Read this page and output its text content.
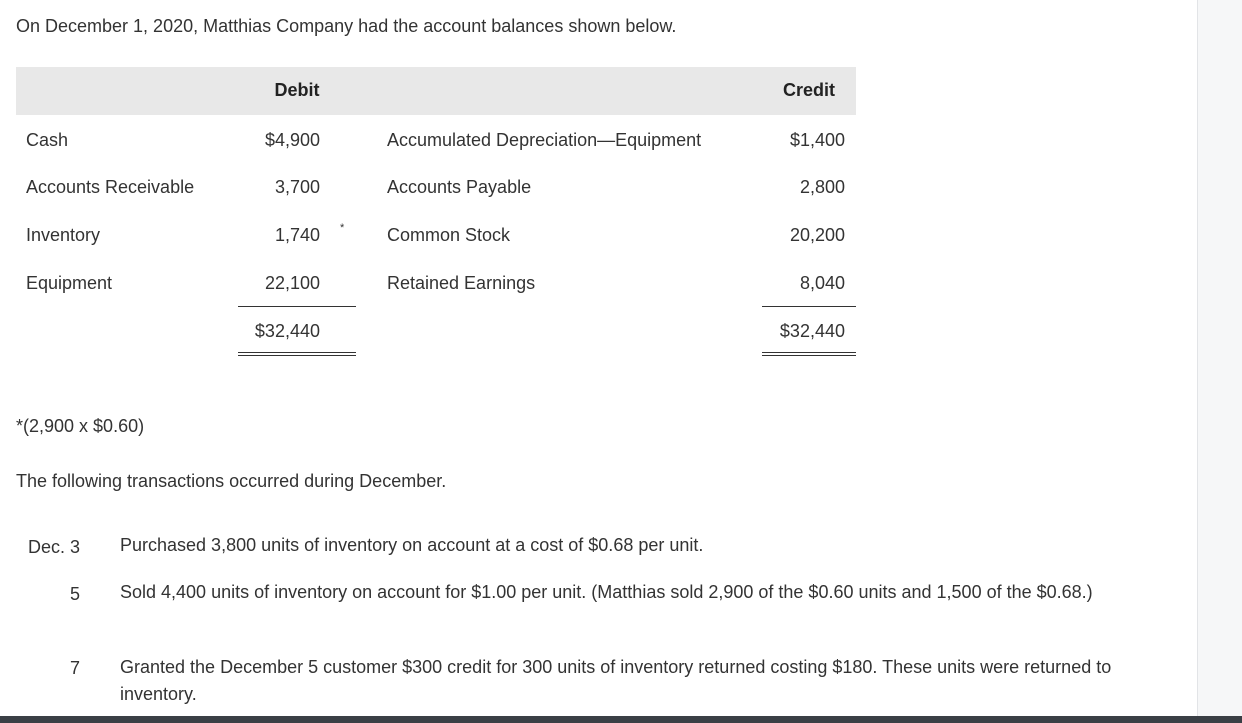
On December 1, 2020, Matthias Company had the account balances shown below.
Debit	Credit
Cash	$4,900	Accumulated Depreciation—Equipment	$1,400
Accounts Receivable	3,700	Accounts Payable	2,800
Inventory	1,740 * Common Stock	20,200
Equipment	22,100	Retained Earnings	8,040
$32,440	$32,440
*(2,900 x $0.60)
The following transactions occurred during December.
Dec. 3 Purchased 3,800 units of inventory on account at a cost of $0.68 per unit.
5 Sold 4,400 units of inventory on account for $1.00 per unit. (Matthias sold 2,900 of the $0.60 units and 1,500 of the $0.68.)
7 Granted the December 5 customer $300 credit for 300 units of inventory returned costing $180. These units were returned to inventory.
